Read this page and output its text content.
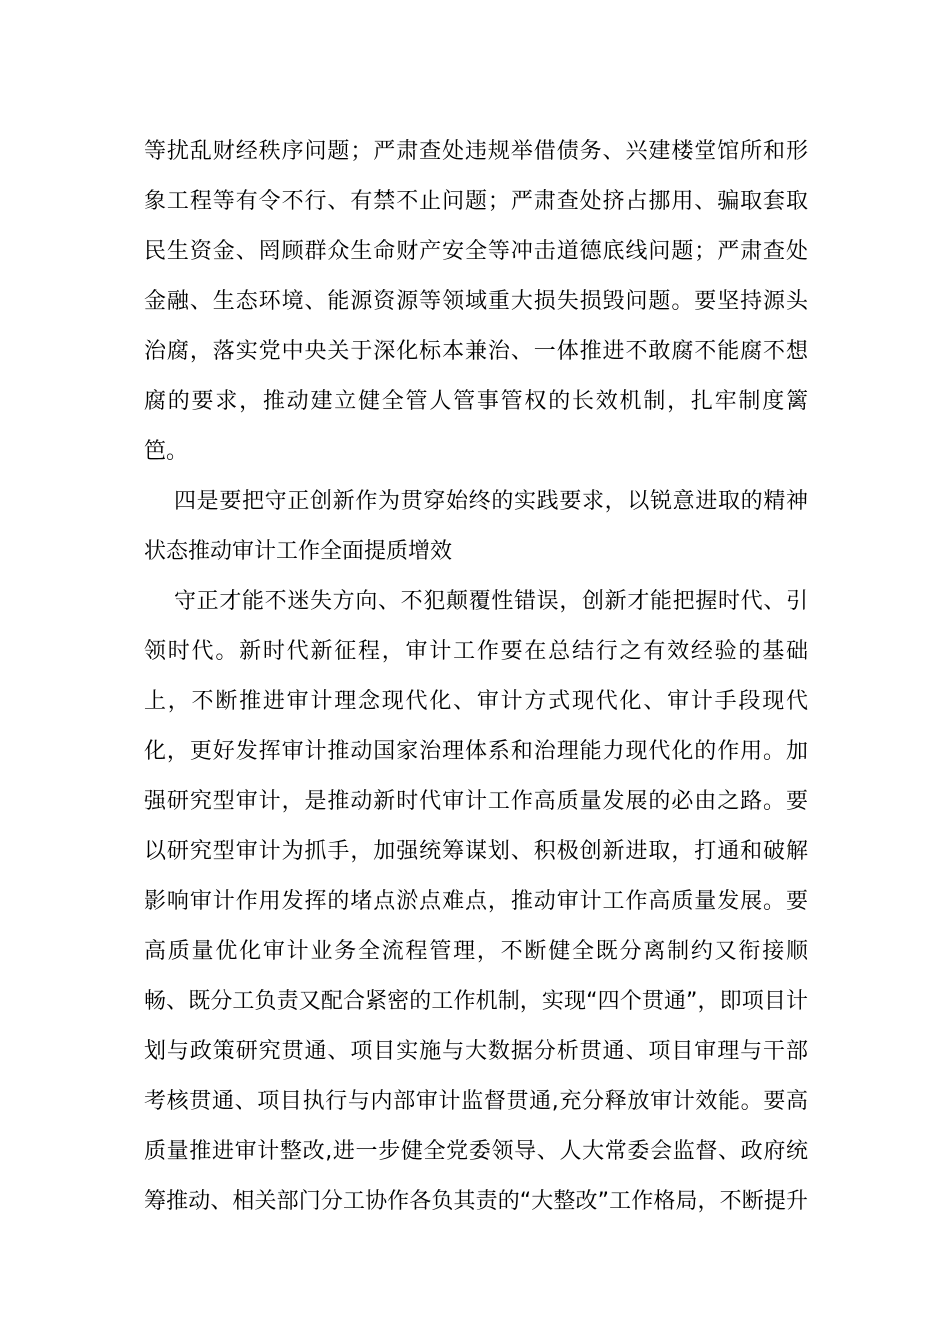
等扰乱财经秩序问题；严肃查处违规举借债务、兴建楼堂馆所和形
象工程等有令不行、有禁不止问题；严肃查处挤占挪用、骗取套取
民生资金、罔顾群众生命财产安全等冲击道德底线问题；严肃查处
金融、生态环境、能源资源等领域重大损失损毁问题。要坚持源头
治腐，落实党中央关于深化标本兼治、一体推进不敢腐不能腐不想
腐的要求，推动建立健全管人管事管权的长效机制，扎牢制度篱
笆。
四是要把守正创新作为贯穿始终的实践要求，以锐意进取的精神
状态推动审计工作全面提质增效
守正才能不迷失方向、不犯颠覆性错误，创新才能把握时代、引
领时代。新时代新征程，审计工作要在总结行之有效经验的基础
上，不断推进审计理念现代化、审计方式现代化、审计手段现代
化，更好发挥审计推动国家治理体系和治理能力现代化的作用。加
强研究型审计，是推动新时代审计工作高质量发展的必由之路。要
以研究型审计为抓手，加强统筹谋划、积极创新进取，打通和破解
影响审计作用发挥的堵点淤点难点，推动审计工作高质量发展。要
高质量优化审计业务全流程管理，不断健全既分离制约又衔接顺
畅、既分工负责又配合紧密的工作机制，实现“四个贯通”，即项目计
划与政策研究贯通、项目实施与大数据分析贯通、项目审理与干部
考核贯通、项目执行与内部审计监督贯通,充分释放审计效能。要高
质量推进审计整改,进一步健全党委领导、人大常委会监督、政府统
筹推动、相关部门分工协作各负其责的“大整改”工作格局，不断提升
